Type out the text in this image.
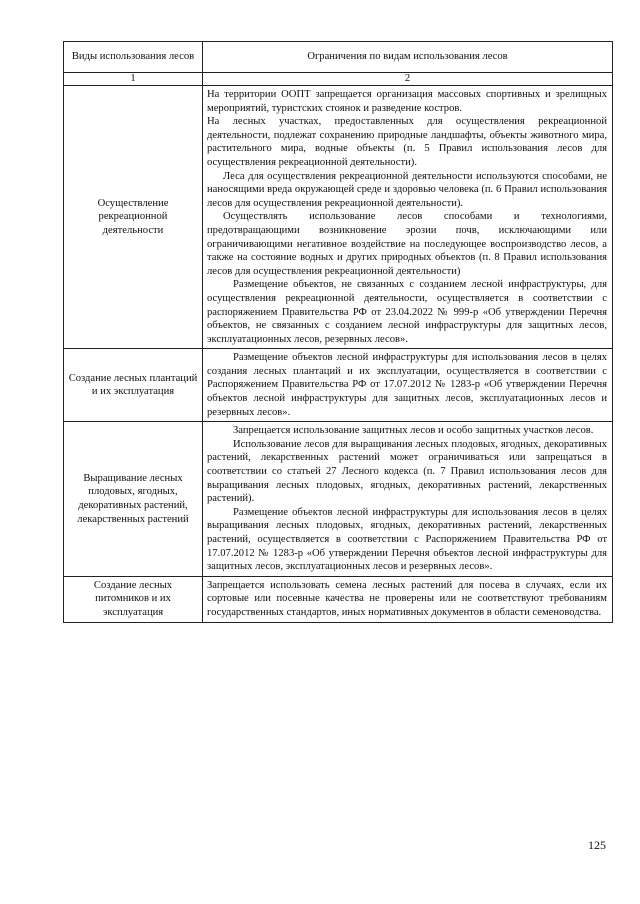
Виды использования лесов	Ограничения по видам использования лесов
1	2
Осуществление рекреационной деятельности	На территории ООПТ запрещается организация массовых спортивных и зрелищных мероприятий, туристских стоянок и разведение костров.

На лесных участках, предоставленных для осуществления рекреационной деятельности, подлежат сохранению природные ландшафты, объекты животного мира, растительного мира, водные объекты (п. 5 Правил использования лесов для осуществления рекреационной деятельности).

Леса для осуществления рекреационной деятельности используются способами, не наносящими вреда окружающей среде и здоровью человека (п. 6 Правил использования лесов для осуществления рекреационной деятельности).

Осуществлять использование лесов способами и технологиями, предотвращающими возникновение эрозии почв, исключающими или ограничивающими негативное воздействие на последующее воспроизводство лесов, а также на состояние водных и других природных объектов (п. 8 Правил использования лесов для осуществления рекреационной деятельности)

Размещение объектов, не связанных с созданием лесной инфраструктуры, для осуществления рекреационной деятельности, осуществляется в соответствии с распоряжением Правительства РФ от 23.04.2022 № 999-р «Об утверждении Перечня объектов, не связанных с созданием лесной инфраструктуры для защитных лесов, эксплуатационных лесов, резервных лесов».

Создание лесных плантаций и их эксплуатация	Размещение объектов лесной инфраструктуры для использования лесов в целях создания лесных плантаций и их эксплуатации, осуществляется в соответствии с Распоряжением Правительства РФ от 17.07.2012 № 1283-р «Об утверждении Перечня объектов лесной инфраструктуры для защитных лесов, эксплуатационных лесов и резервных лесов».

Выращивание лесных плодовых, ягодных, декоративных растений, лекарственных растений	Запрещается использование защитных лесов и особо защитных участков лесов.

Использование лесов для выращивания лесных плодовых, ягодных, декоративных растений, лекарственных растений может ограничиваться или запрещаться в соответствии со статьей 27 Лесного кодекса (п. 7 Правил использования лесов для выращивания лесных плодовых, ягодных, декоративных растений, лекарственных растений).

Размещение объектов лесной инфраструктуры для использования лесов в целях выращивания лесных плодовых, ягодных, декоративных растений, лекарственных растений, осуществляется в соответствии с Распоряжением Правительства РФ от 17.07.2012 № 1283-р «Об утверждении Перечня объектов лесной инфраструктуры для защитных лесов, эксплуатационных лесов и резервных лесов».

Создание лесных питомников и их эксплуатация	Запрещается использовать семена лесных растений для посева в случаях, если их сортовые или посевные качества не проверены или не соответствуют требованиям государственных стандартов, иных нормативных документов в области семеноводства.

125
